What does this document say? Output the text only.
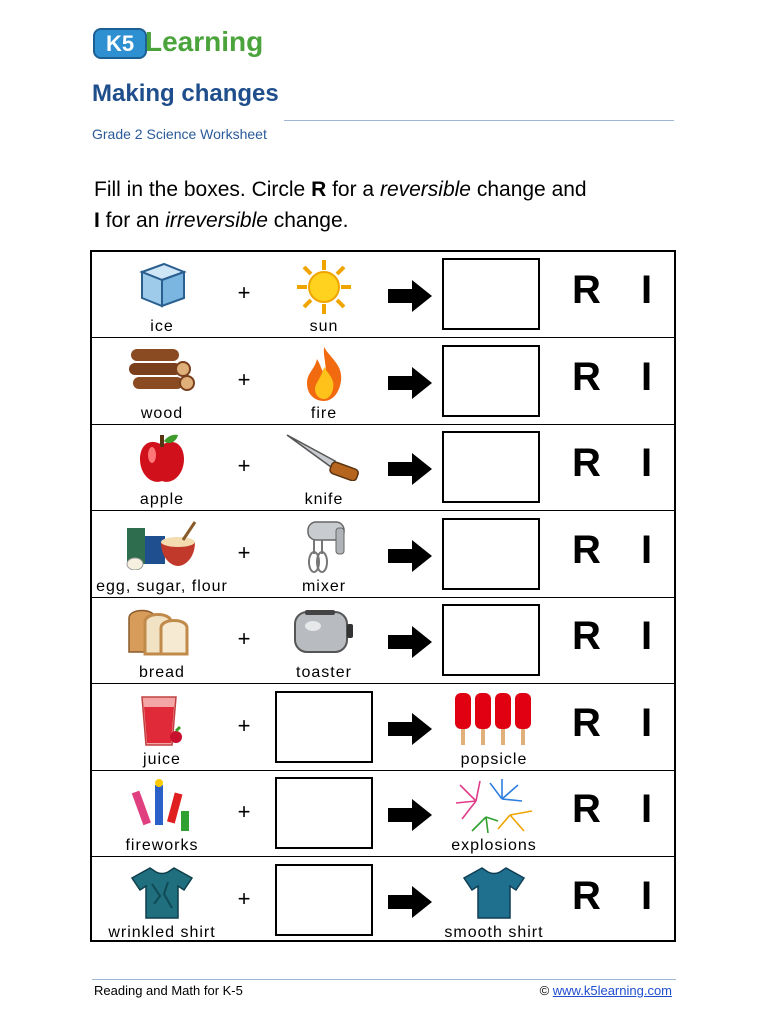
K5 Learning
Making changes
Grade 2 Science Worksheet
Fill in the boxes. Circle R for a reversible change and
I for an irreversible change.
ice
+
sun
R I
wood
+
fire
R I
apple
+
knife
R I
egg, sugar, flour
+
mixer
R I
bread
+
toaster
R I
juice
+
popsicle
R I
fireworks
+
explosions
R I
wrinkled shirt
+
smooth shirt
R I
Reading and Math for K-5	© www.k5learning.com
